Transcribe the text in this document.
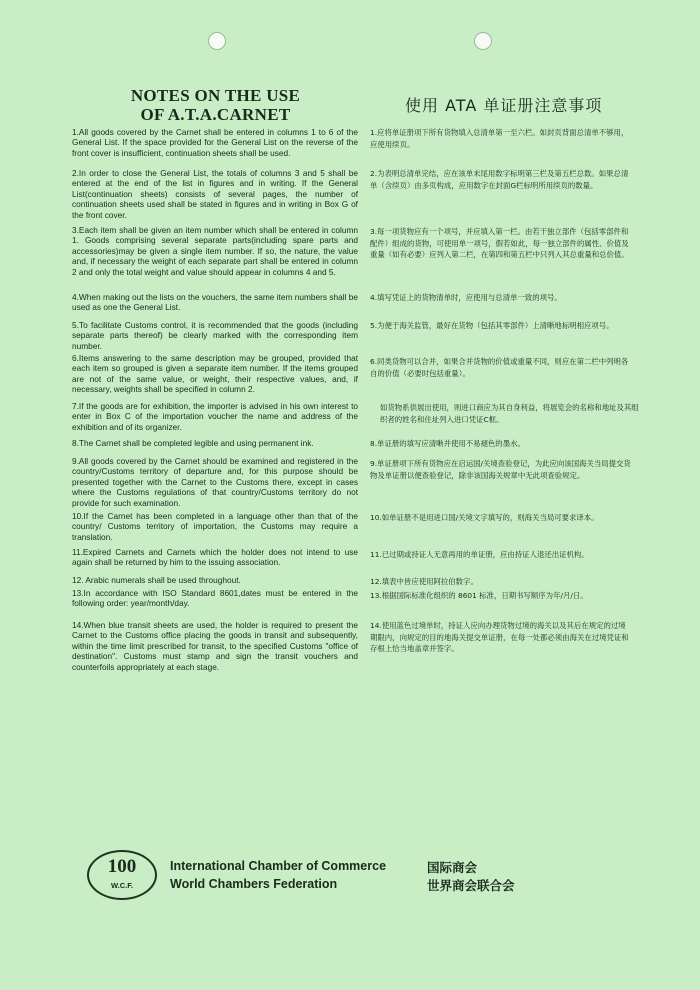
NOTES ON THE USE
OF A.T.A.CARNET	使用 ATA 单证册注意事项
1.All goods covered by the Carnet shall be entered in columns 1 to 6 of the General List. If the space provided for the General List on the reverse of the front cover is insufficient, continuation sheets shall be used.
2.In order to close the General List, the totals of columns 3 and 5 shall be entered at the end of the list in figures and in writing. If the General List(continuation sheets) consists of several pages, the number of continuation sheets used shall be stated in figures and in writing in Box G of the front cover.
3.Each item shall be given an item number which shall be entered in column 1. Goods comprising several separate parts(including spare parts and accessories)may be given a single item number. If so, the nature, the value and, if necessary the weight of each separate part shall be entered in column 2 and only the total weight and value should appear in columns 4 and 5.
4.When making out the lists on the vouchers, the same item numbers shall be used as one the General List.
5.To facilitate Customs control, it is recommended that the goods (including separate parts thereof) be clearly marked with the corresponding item number.
6.Items answering to the same description may be grouped, provided that each item so grouped is given a separate item number. If the items grouped are not of the same value, or weight, their respective values, and, if necessary, weights shall be specified in column 2.
7.If the goods are for exhibition, the importer is advised in his own interest to enter in Box C of the importation voucher the name and address of the exhibition and of its organizer.
8.The Carnet shall be completed legible and using permanent ink.
9.All goods covered by the Carnet should be examined and registered in the country/Customs territory of departure and, for this purpose should be presented together with the Carnet to the Customs there, except in cases where the Customs regulations of that country/Customs territory do not provide for such examination.
10.If the Carnet has been completed in a language other than that of the country/ Customs territory of importation, the Customs may require a translation.
11.Expired Carnets and Carnets which the holder does not intend to use again shall be returned by him to the issuing association.
12. Arabic numerals shall be used throughout.
13.In accordance with ISO Standard 8601,dates must be entered in the following order: year/month/day.
14.When blue transit sheets are used, the holder is required to present the Carnet to the Customs office placing the goods in transit and subsequently, within the time limit prescribed for transit, to the specified Customs "office of destination". Customs must stamp and sign the transit vouchers and counterfoils appropriately at each stage.
1.应将单证册项下所有货物填入总清单第一至六栏。如封页背面总清单不够用，应使用续页。
2.为表明总清单完结，应在该单末尾用数字标明第三栏及第五栏总数。如果总清单（含续页）由多页构成，应用数字在封面G栏标明所用续页的数量。
3.每一项货物应有一个项号，并应填入第一栏。由若干独立部件（包括零部件和配件）组成的货物，可使用单一项号，假若如此，每一独立部件的属性、价值及重量（如有必要）应列入第二栏，在第四和第五栏中只列入其总重量和总价值。
4.填写凭证上的货物清单时，应使用与总清单一致的项号。
5.为便于海关监管，最好在货物（包括其零部件）上清晰地标明相应项号。
6.同类货物可以合并，如果合并货物的价值或重量不同，则应在第二栏中列明各自的价值（必要时包括重量）。
如货物系供展出使用，则进口商应为其自身利益，将展览会的名称和地址及其组织者的姓名和住址列入进口凭证C框。
8.单证册的填写应清晰并使用不易褪色的墨水。
9.单证册项下所有货物应在启运国/关境查验登记，为此应向该国海关当局提交货物及单证册以便查验登记，除非该国海关规章中无此项查验规定。
10.如单证册不是用进口国/关境文字填写的，则海关当局可要求译本。
11.已过期或持证人无意再用的单证册，应由持证人退还出证机构。
12.填表中皆应使用阿拉伯数字。
13.根据国际标准化组织的 8601 标准，日期书写顺序为年/月/日。
14.使用蓝色过境单时，持证人应向办理货物过境的海关以及其后在规定的过境期限内，向规定的目的地海关提交单证册，在每一处都必须由海关在过境凭证和存根上恰当地盖章并签字。
100
W.C.F.
International Chamber of Commerce
World Chambers Federation
国际商会
世界商会联合会
